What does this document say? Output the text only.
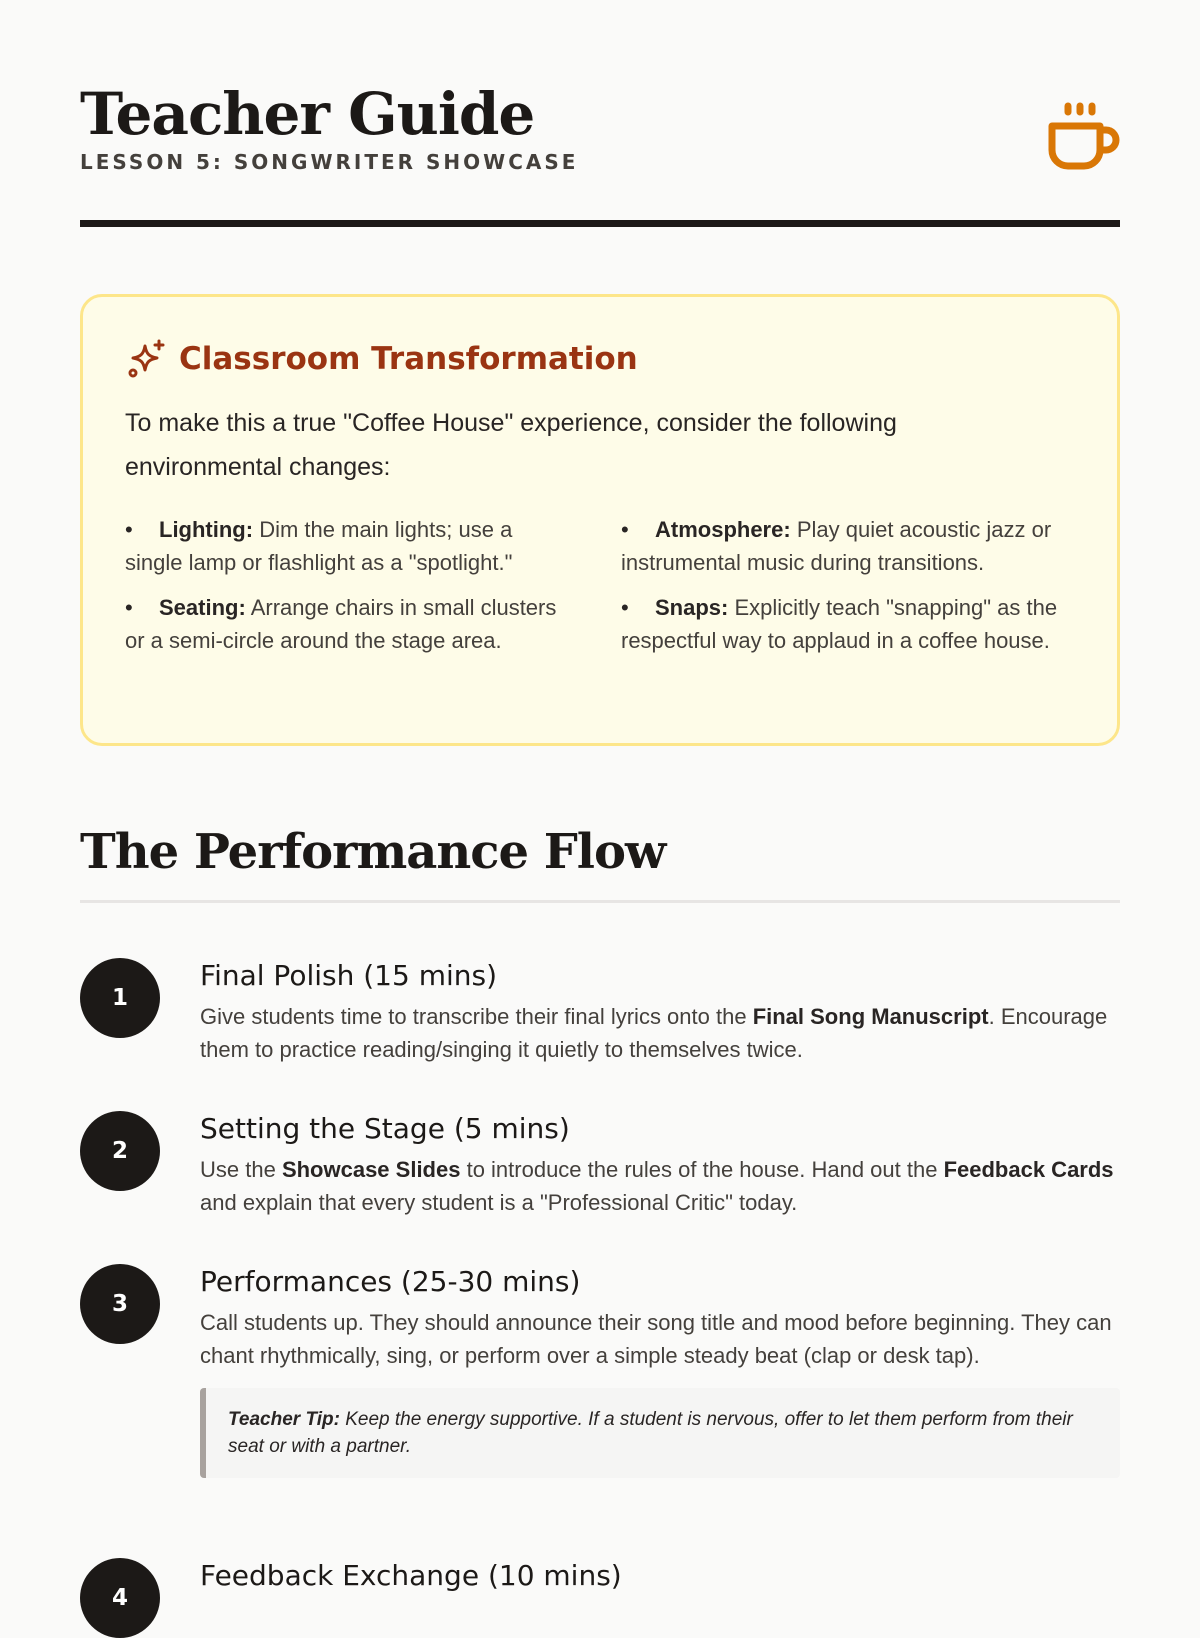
Teacher Guide
LESSON 5: SONGWRITER SHOWCASE
Classroom Transformation

To make this a true "Coffee House" experience, consider the following environmental changes:

• Lighting: Dim the main lights; use a single lamp or flashlight as a "spotlight."
• Atmosphere: Play quiet acoustic jazz or instrumental music during transitions.
• Seating: Arrange chairs in small clusters or a semi-circle around the stage area.
• Snaps: Explicitly teach "snapping" as the respectful way to applaud in a coffee house.
The Performance Flow
1
Final Polish (15 mins)

Give students time to transcribe their final lyrics onto the Final Song Manuscript. Encourage them to practice reading/singing it quietly to themselves twice.

2
Setting the Stage (5 mins)

Use the Showcase Slides to introduce the rules of the house. Hand out the Feedback Cards and explain that every student is a "Professional Critic" today.

3
Performances (25-30 mins)

Call students up. They should announce their song title and mood before beginning. They can chant rhythmically, sing, or perform over a simple steady beat (clap or desk tap).

Teacher Tip: Keep the energy supportive. If a student is nervous, offer to let them perform from their seat or with a partner.
4
Feedback Exchange (10 mins)
